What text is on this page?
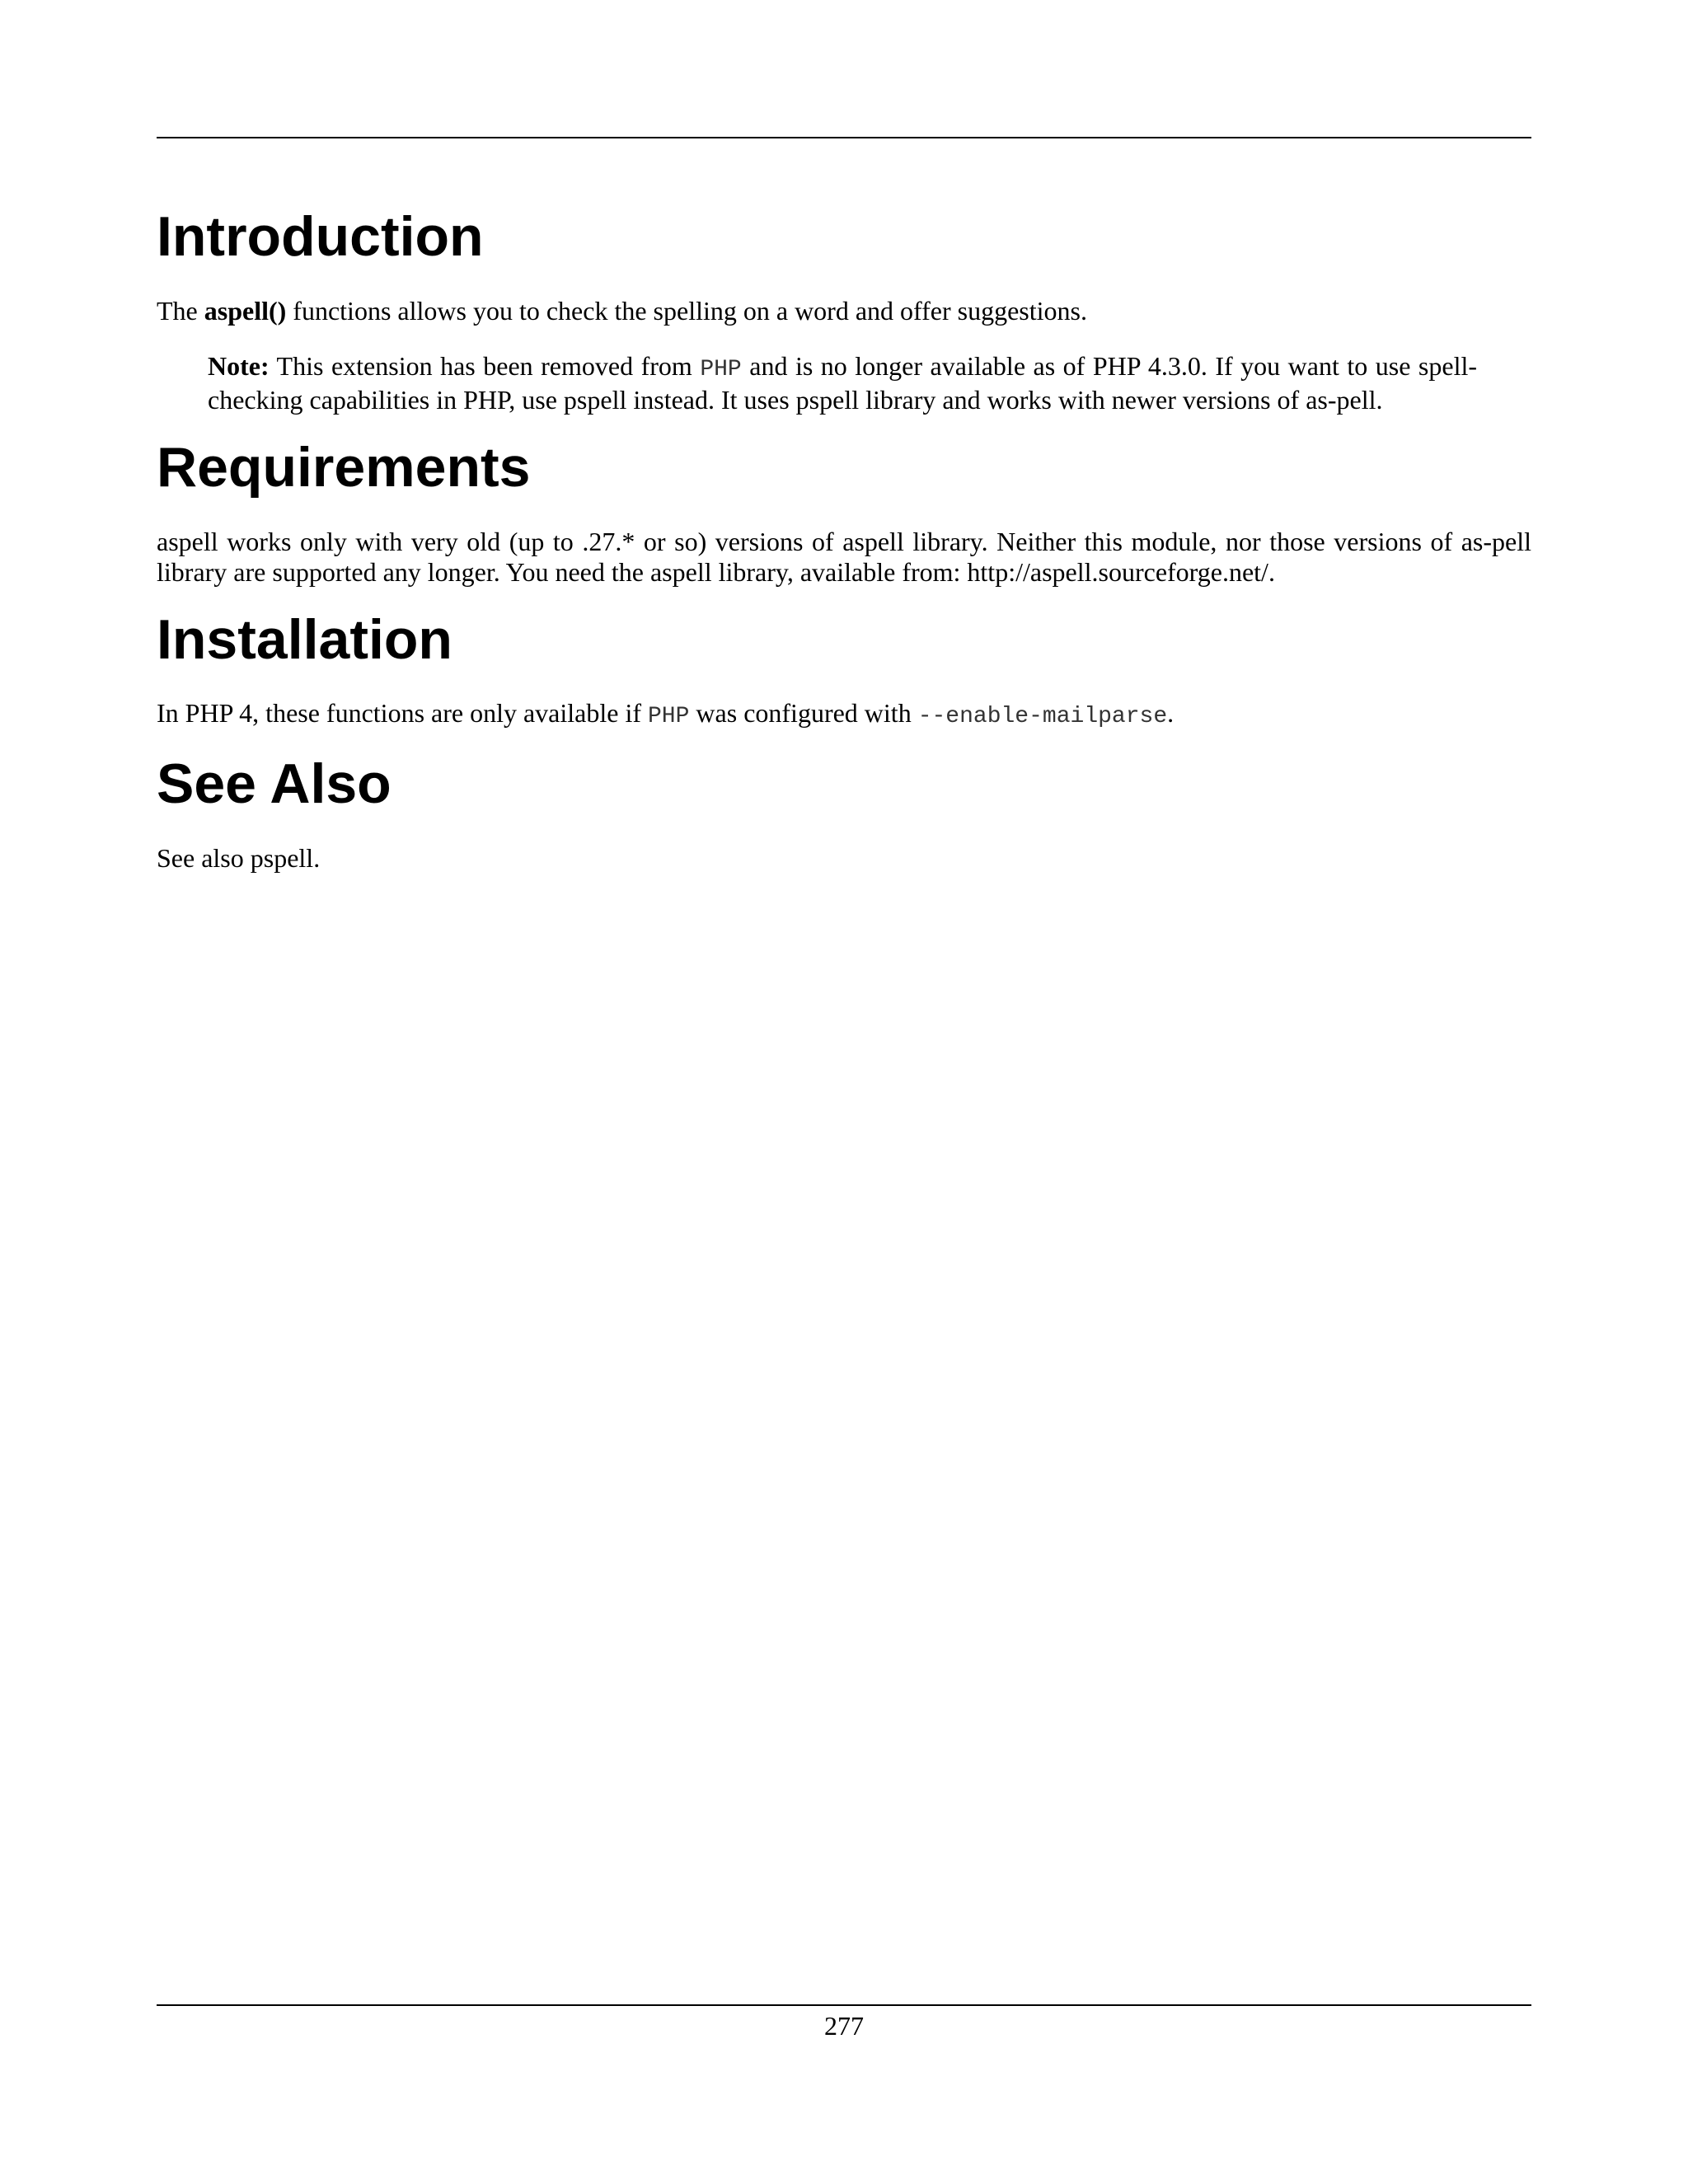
Introduction

The aspell() functions allows you to check the spelling on a word and offer suggestions.

Note: This extension has been removed from PHP and is no longer available as of PHP 4.3.0. If you want to use spell-checking capabilities in PHP, use pspell instead. It uses pspell library and works with newer versions of as-pell.
Requirements

aspell works only with very old (up to .27.* or so) versions of aspell library. Neither this module, nor those versions of as-pell library are supported any longer. You need the aspell library, available from: http://aspell.sourceforge.net/.

Installation

In PHP 4, these functions are only available if PHP was configured with --enable-mailparse.

See Also

See also pspell.

277
